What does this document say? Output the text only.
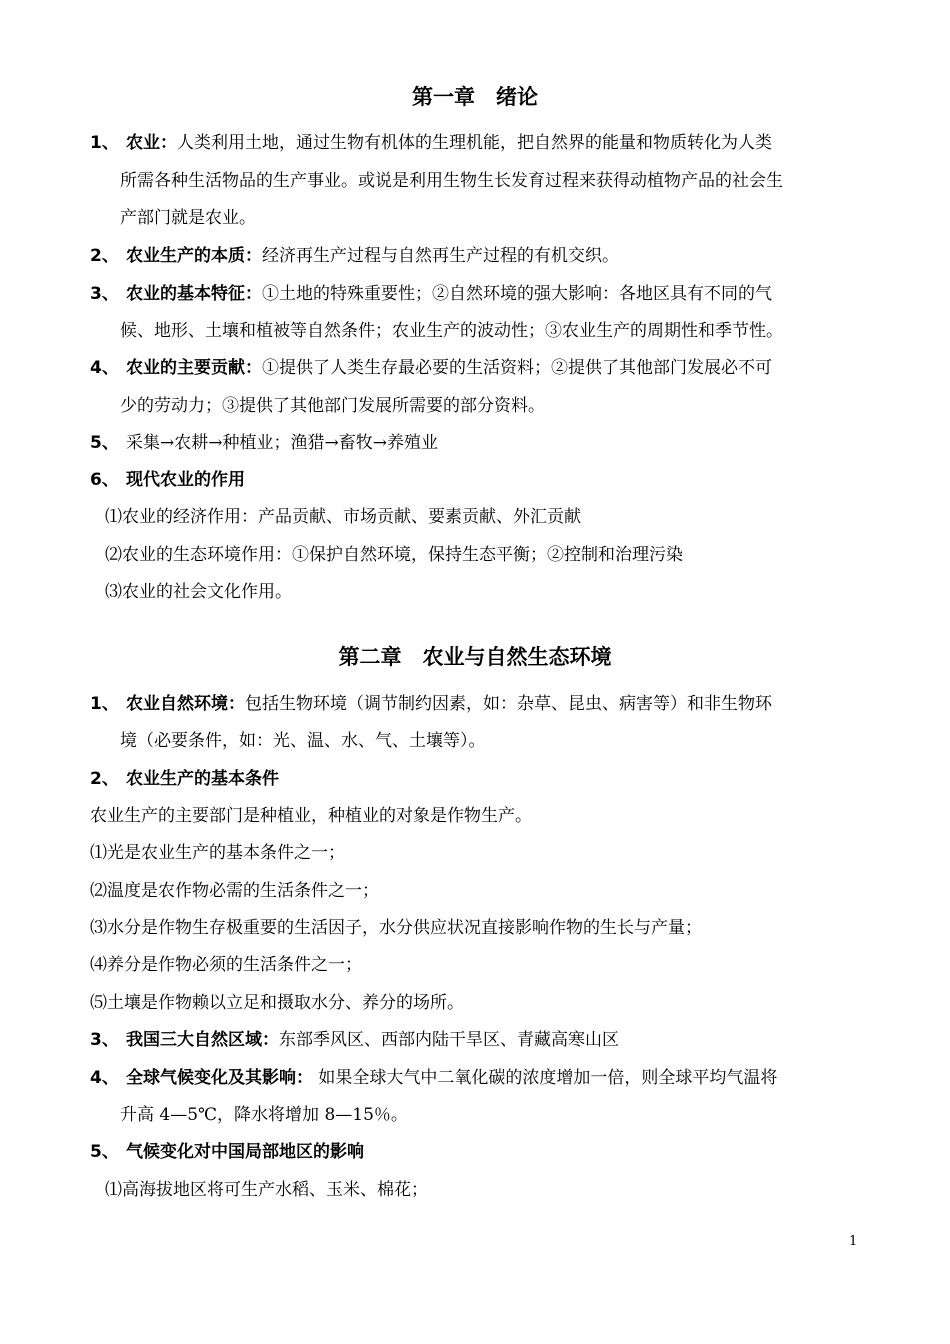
第一章　绪论
1、 农业：人类利用土地，通过生物有机体的生理机能，把自然界的能量和物质转化为人类
所需各种生活物品的生产事业。或说是利用生物生长发育过程来获得动植物产品的社会生
产部门就是农业。
2、 农业生产的本质：经济再生产过程与自然再生产过程的有机交织。
3、 农业的基本特征：①土地的特殊重要性；②自然环境的强大影响：各地区具有不同的气
候、地形、土壤和植被等自然条件；农业生产的波动性；③农业生产的周期性和季节性。
4、 农业的主要贡献：①提供了人类生存最必要的生活资料；②提供了其他部门发展必不可
少的劳动力；③提供了其他部门发展所需要的部分资料。
5、 采集→农耕→种植业；渔猎→畜牧→养殖业
6、 现代农业的作用
⑴农业的经济作用：产品贡献、市场贡献、要素贡献、外汇贡献
⑵农业的生态环境作用：①保护自然环境，保持生态平衡；②控制和治理污染
⑶农业的社会文化作用。
第二章　农业与自然生态环境
1、 农业自然环境：包括生物环境（调节制约因素，如：杂草、昆虫、病害等）和非生物环
境（必要条件，如：光、温、水、气、土壤等）。
2、 农业生产的基本条件
农业生产的主要部门是种植业，种植业的对象是作物生产。
⑴光是农业生产的基本条件之一；
⑵温度是农作物必需的生活条件之一；
⑶水分是作物生存极重要的生活因子，水分供应状况直接影响作物的生长与产量；
⑷养分是作物必须的生活条件之一；
⑸土壤是作物赖以立足和摄取水分、养分的场所。
3、 我国三大自然区域：东部季风区、西部内陆干旱区、青藏高寒山区
4、 全球气候变化及其影响： 如果全球大气中二氧化碳的浓度增加一倍，则全球平均气温将
升高 4—5℃，降水将增加 8—15％。
5、 气候变化对中国局部地区的影响
⑴高海拔地区将可生产水稻、玉米、棉花；
1
